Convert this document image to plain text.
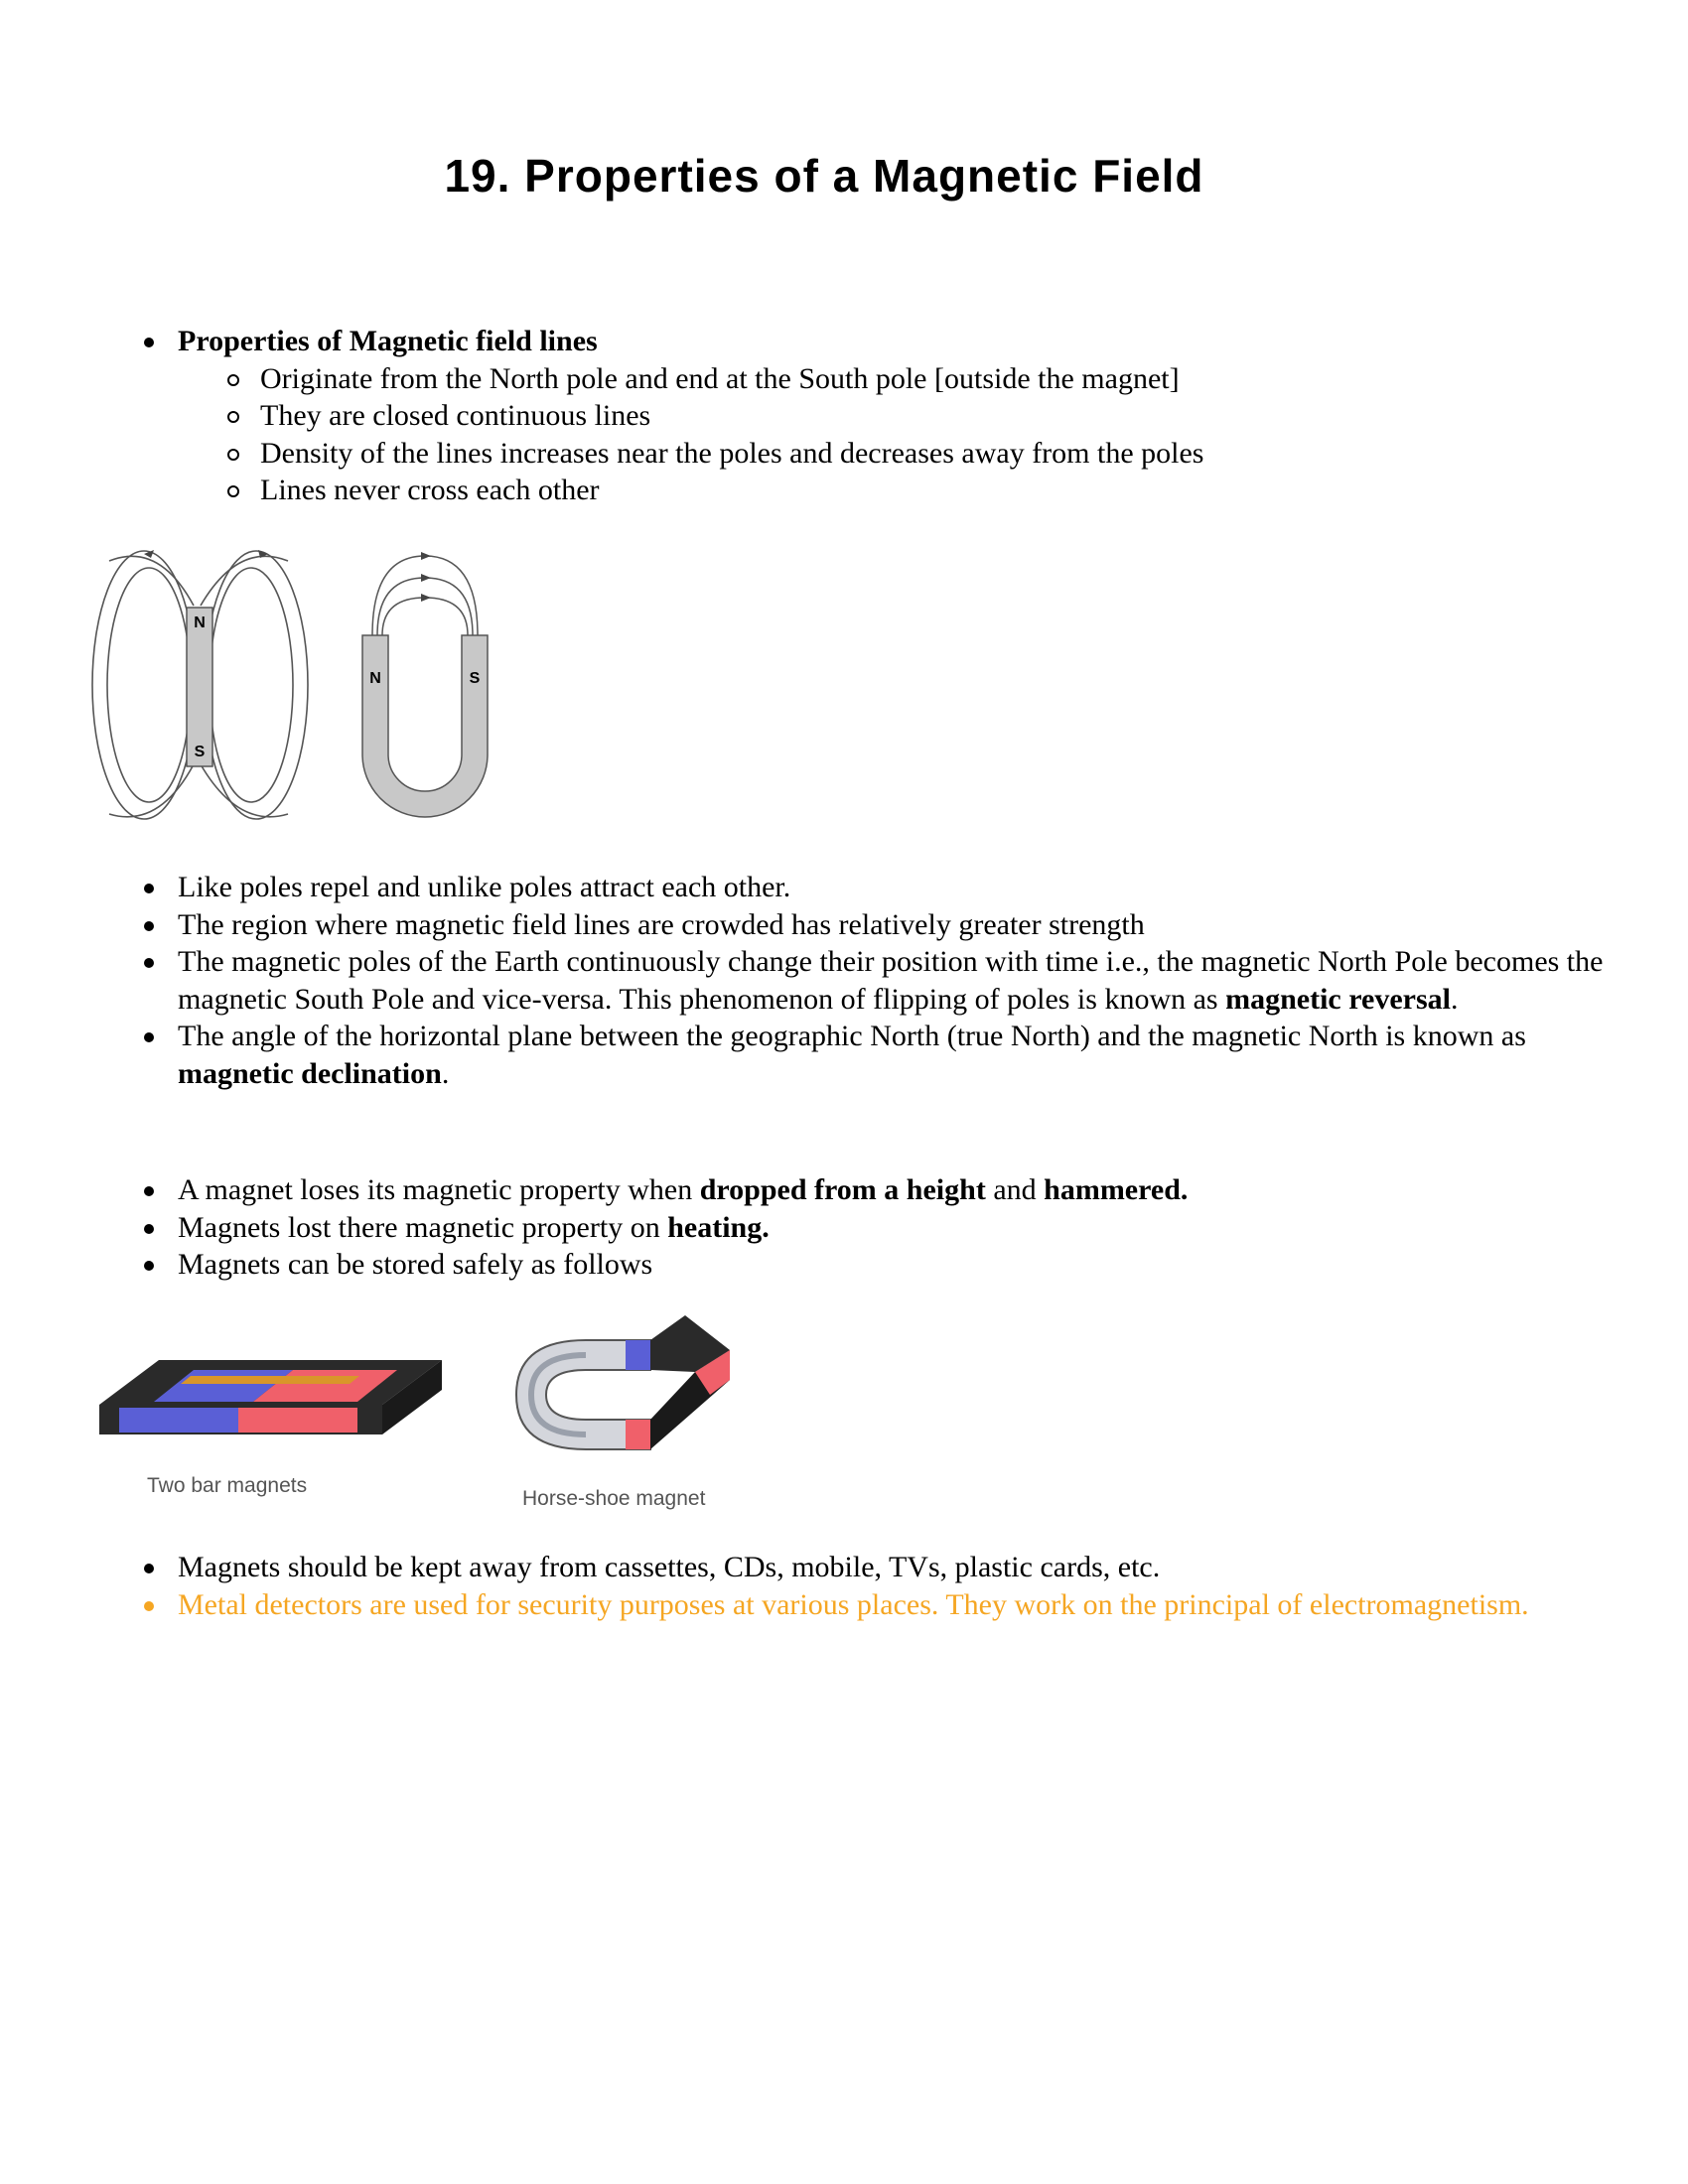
19. Properties of a Magnetic Field
Properties of Magnetic field lines
Originate from the North pole and end at the South pole [outside the magnet]
They are closed continuous lines
Density of the lines increases near the poles and decreases away from the poles
Lines never cross each other
N
S
N	S
Like poles repel and unlike poles attract each other.
The region where magnetic field lines are crowded has relatively greater strength
The magnetic poles of the Earth continuously change their position with time i.e., the magnetic North Pole becomes the magnetic South Pole and vice-versa. This phenomenon of flipping of poles is known as magnetic reversal.
The angle of the horizontal plane between the geographic North (true North) and the magnetic North is known as magnetic declination.
A magnet loses its magnetic property when dropped from a height and hammered.
Magnets lost there magnetic property on heating.
Magnets can be stored safely as follows
Two bar magnets
Horse-shoe magnet
Magnets should be kept away from cassettes, CDs, mobile, TVs, plastic cards, etc.
Metal detectors are used for security purposes at various places. They work on the principal of electromagnetism.
